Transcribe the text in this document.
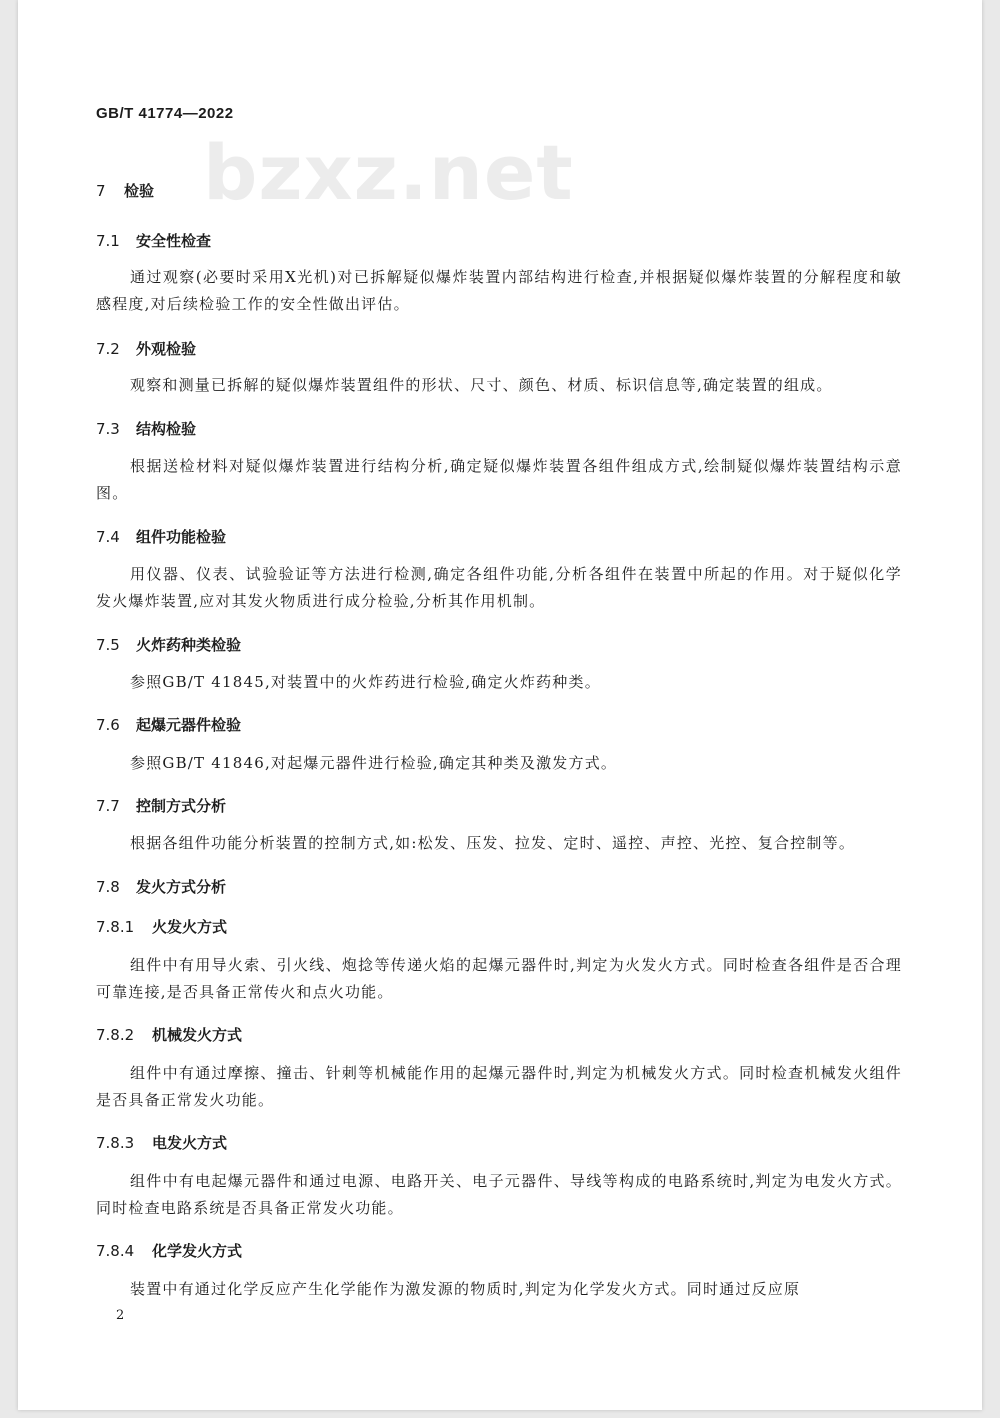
GB/T 41774—2022
bzxz.net
7 检验
7.1 安全性检查
通过观察(必要时采用X光机)对已拆解疑似爆炸装置内部结构进行检查,并根据疑似爆炸装置的分解程度和敏感程度,对后续检验工作的安全性做出评估。
7.2 外观检验
观察和测量已拆解的疑似爆炸装置组件的形状、尺寸、颜色、材质、标识信息等,确定装置的组成。
7.3 结构检验
根据送检材料对疑似爆炸装置进行结构分析,确定疑似爆炸装置各组件组成方式,绘制疑似爆炸装置结构示意图。
7.4 组件功能检验
用仪器、仪表、试验验证等方法进行检测,确定各组件功能,分析各组件在装置中所起的作用。对于疑似化学发火爆炸装置,应对其发火物质进行成分检验,分析其作用机制。
7.5 火炸药种类检验
参照GB/T 41845,对装置中的火炸药进行检验,确定火炸药种类。
7.6 起爆元器件检验
参照GB/T 41846,对起爆元器件进行检验,确定其种类及激发方式。
7.7 控制方式分析
根据各组件功能分析装置的控制方式,如:松发、压发、拉发、定时、遥控、声控、光控、复合控制等。
7.8 发火方式分析
7.8.1 火发火方式
组件中有用导火索、引火线、炮捻等传递火焰的起爆元器件时,判定为火发火方式。同时检查各组件是否合理可靠连接,是否具备正常传火和点火功能。
7.8.2 机械发火方式
组件中有通过摩擦、撞击、针刺等机械能作用的起爆元器件时,判定为机械发火方式。同时检查机械发火组件是否具备正常发火功能。
7.8.3 电发火方式
组件中有电起爆元器件和通过电源、电路开关、电子元器件、导线等构成的电路系统时,判定为电发火方式。同时检查电路系统是否具备正常发火功能。
7.8.4 化学发火方式
装置中有通过化学反应产生化学能作为激发源的物质时,判定为化学发火方式。同时通过反应原
2
